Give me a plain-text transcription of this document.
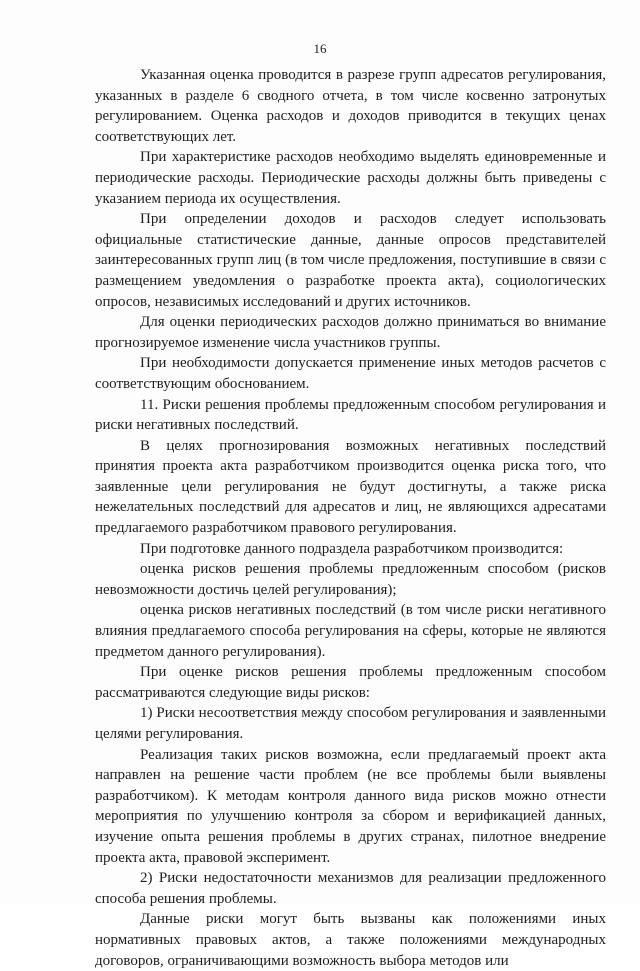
16

Указанная оценка проводится в разрезе групп адресатов регулирования, указанных в разделе 6 сводного отчета, в том числе косвенно затронутых регулированием. Оценка расходов и доходов приводится в текущих ценах соответствующих лет.

При характеристике расходов необходимо выделять единовременные и периодические расходы. Периодические расходы должны быть приведены с указанием периода их осуществления.

При определении доходов и расходов следует использовать официальные статистические данные, данные опросов представителей заинтересованных групп лиц (в том числе предложения, поступившие в связи с размещением уведомления о разработке проекта акта), социологических опросов, независимых исследований и других источников.

Для оценки периодических расходов должно приниматься во внимание прогнозируемое изменение числа участников группы.

При необходимости допускается применение иных методов расчетов с соответствующим обоснованием.

11. Риски решения проблемы предложенным способом регулирования и риски негативных последствий.

В целях прогнозирования возможных негативных последствий принятия проекта акта разработчиком производится оценка риска того, что заявленные цели регулирования не будут достигнуты, а также риска нежелательных последствий для адресатов и лиц, не являющихся адресатами предлагаемого разработчиком правового регулирования.

При подготовке данного подраздела разработчиком производится:

оценка рисков решения проблемы предложенным способом (рисков невозможности достичь целей регулирования);

оценка рисков негативных последствий (в том числе риски негативного влияния предлагаемого способа регулирования на сферы, которые не являются предметом данного регулирования).

При оценке рисков решения проблемы предложенным способом рассматриваются следующие виды рисков:

1) Риски несоответствия между способом регулирования и заявленными целями регулирования.

Реализация таких рисков возможна, если предлагаемый проект акта направлен на решение части проблем (не все проблемы были выявлены разработчиком). К методам контроля данного вида рисков можно отнести мероприятия по улучшению контроля за сбором и верификацией данных, изучение опыта решения проблемы в других странах, пилотное внедрение проекта акта, правовой эксперимент.

2) Риски недостаточности механизмов для реализации предложенного способа решения проблемы.

Данные риски могут быть вызваны как положениями иных нормативных правовых актов, а также положениями международных договоров, ограничивающими возможность выбора методов или
